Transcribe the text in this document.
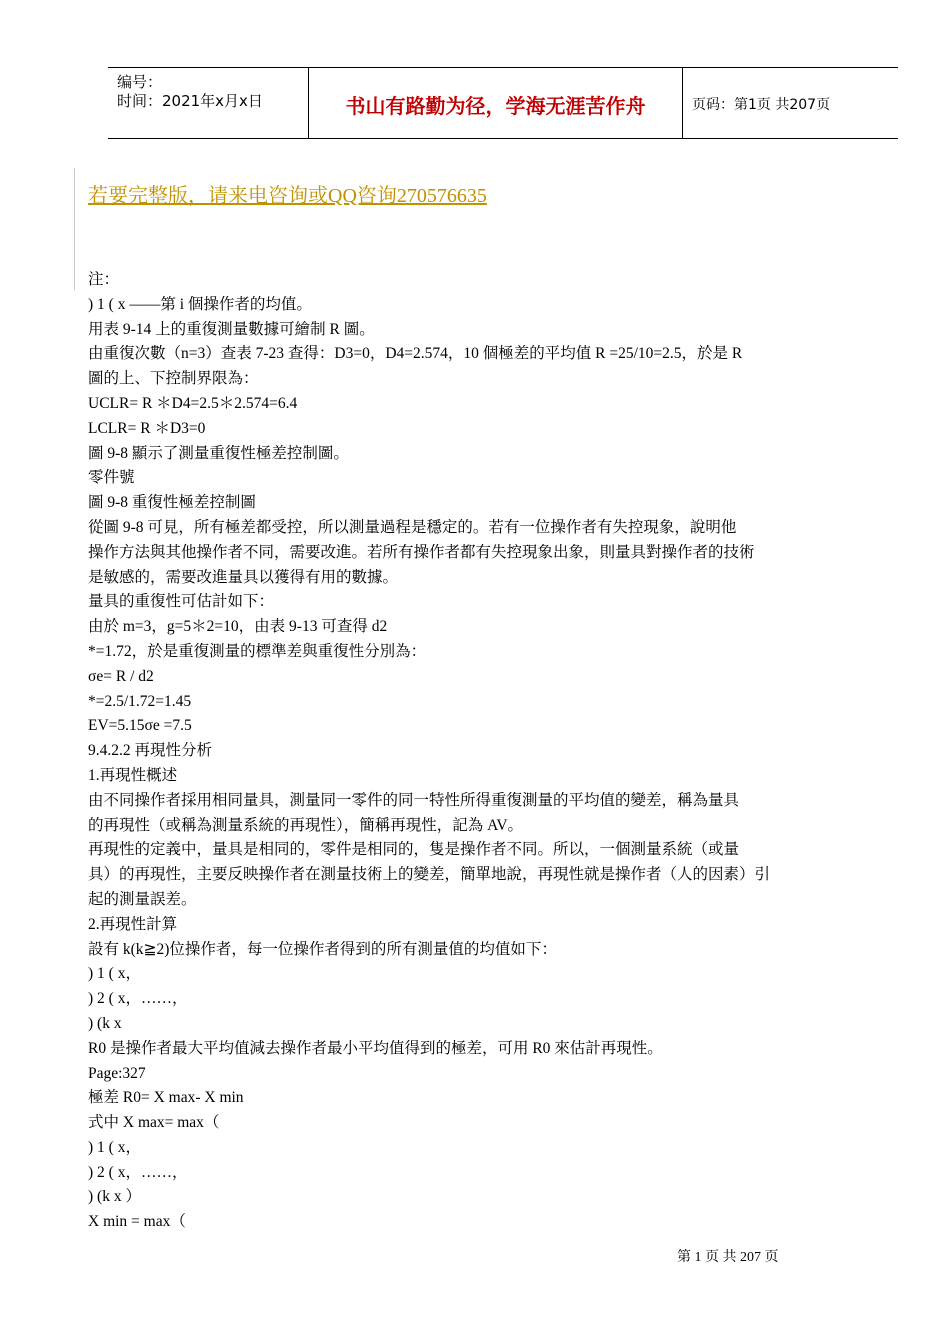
编号：
时间：2021年x月x日	书山有路勤为径，学海无涯苦作舟	页码：第1页 共207页
若要完整版，请来电咨询或QQ咨询270576635
注：
) 1 ( x ——第 i 個操作者的均值。
用表 9-14 上的重復測量數據可繪制 R 圖。
由重復次數（n=3）查表 7-23 查得：D3=0，D4=2.574，10 個極差的平均值 R =25/10=2.5，於是 R
圖的上、下控制界限為：
UCLR= R ＊D4=2.5＊2.574=6.4
LCLR= R ＊D3=0
圖 9-8 顯示了測量重復性極差控制圖。
零件號
圖 9-8 重復性極差控制圖
從圖 9-8 可見，所有極差都受控，所以測量過程是穩定的。若有一位操作者有失控現象，說明他
操作方法與其他操作者不同，需要改進。若所有操作者都有失控現象出象，則量具對操作者的技術
是敏感的，需要改進量具以獲得有用的數據。
量具的重復性可估計如下：
由於 m=3，g=5＊2=10，由表 9-13 可查得 d2
*=1.72，於是重復測量的標準差與重復性分別為：
σe= R / d2
*=2.5/1.72=1.45
EV=5.15σe =7.5
9.4.2.2 再現性分析
1.再現性概述
由不同操作者採用相同量具，測量同一零件的同一特性所得重復測量的平均值的變差，稱為量具
的再現性（或稱為測量系統的再現性），簡稱再現性，記為 AV。
再現性的定義中，量具是相同的，零件是相同的，隻是操作者不同。所以，一個測量系統（或量
具）的再現性，主要反映操作者在測量技術上的變差，簡單地說，再現性就是操作者（人的因素）引
起的測量誤差。
2.再現性計算
設有 k(k≧2)位操作者，每一位操作者得到的所有測量值的均值如下：
) 1 ( x，
) 2 ( x，……，
) (k x
R0 是操作者最大平均值減去操作者最小平均值得到的極差，可用 R0 來估計再現性。
Page:327
極差 R0= X max- X min
式中 X max= max（
) 1 ( x，
) 2 ( x，……，
) (k x ）
X min = max（
第 1 页 共 207 页
